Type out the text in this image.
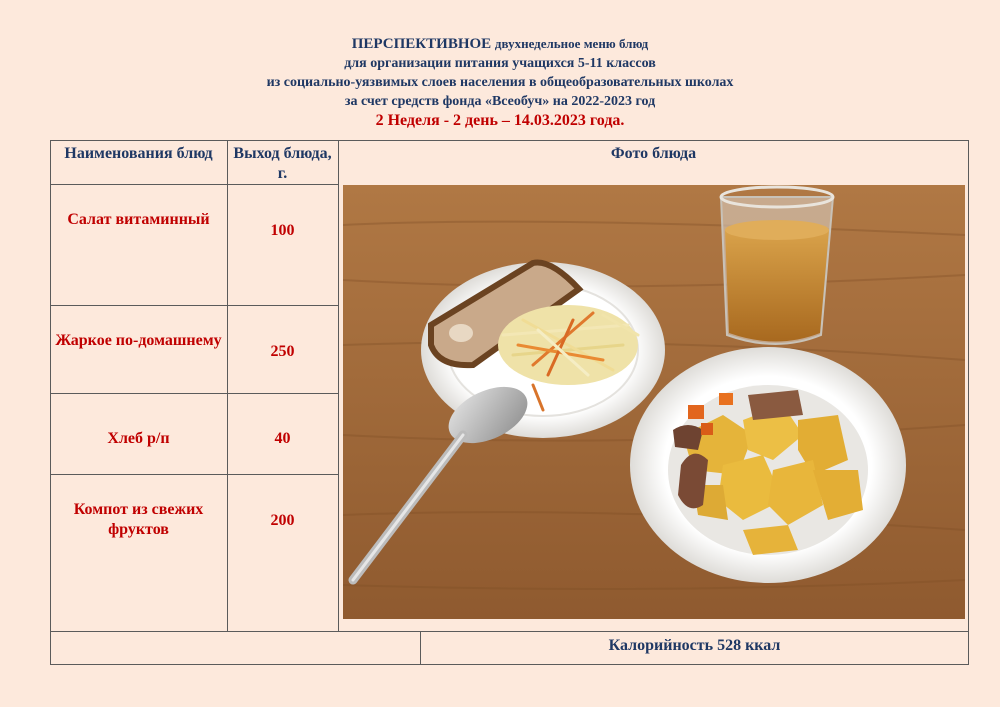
ПЕРСПЕКТИВНОЕ двухнедельное меню блюд
для организации питания учащихся 5-11 классов
из социально-уязвимых слоев населения в общеобразовательных школах
за счет средств фонда «Всеобуч» на 2022-2023 год
2 Неделя - 2 день – 14.03.2023 года.
Наименования блюд	Выход блюда, г.
Фото блюда
Салат витаминный
100
Жаркое по-домашнему
250
Хлеб р/п	40
Компот из свежих фруктов
200
Калорийность 528 ккал
